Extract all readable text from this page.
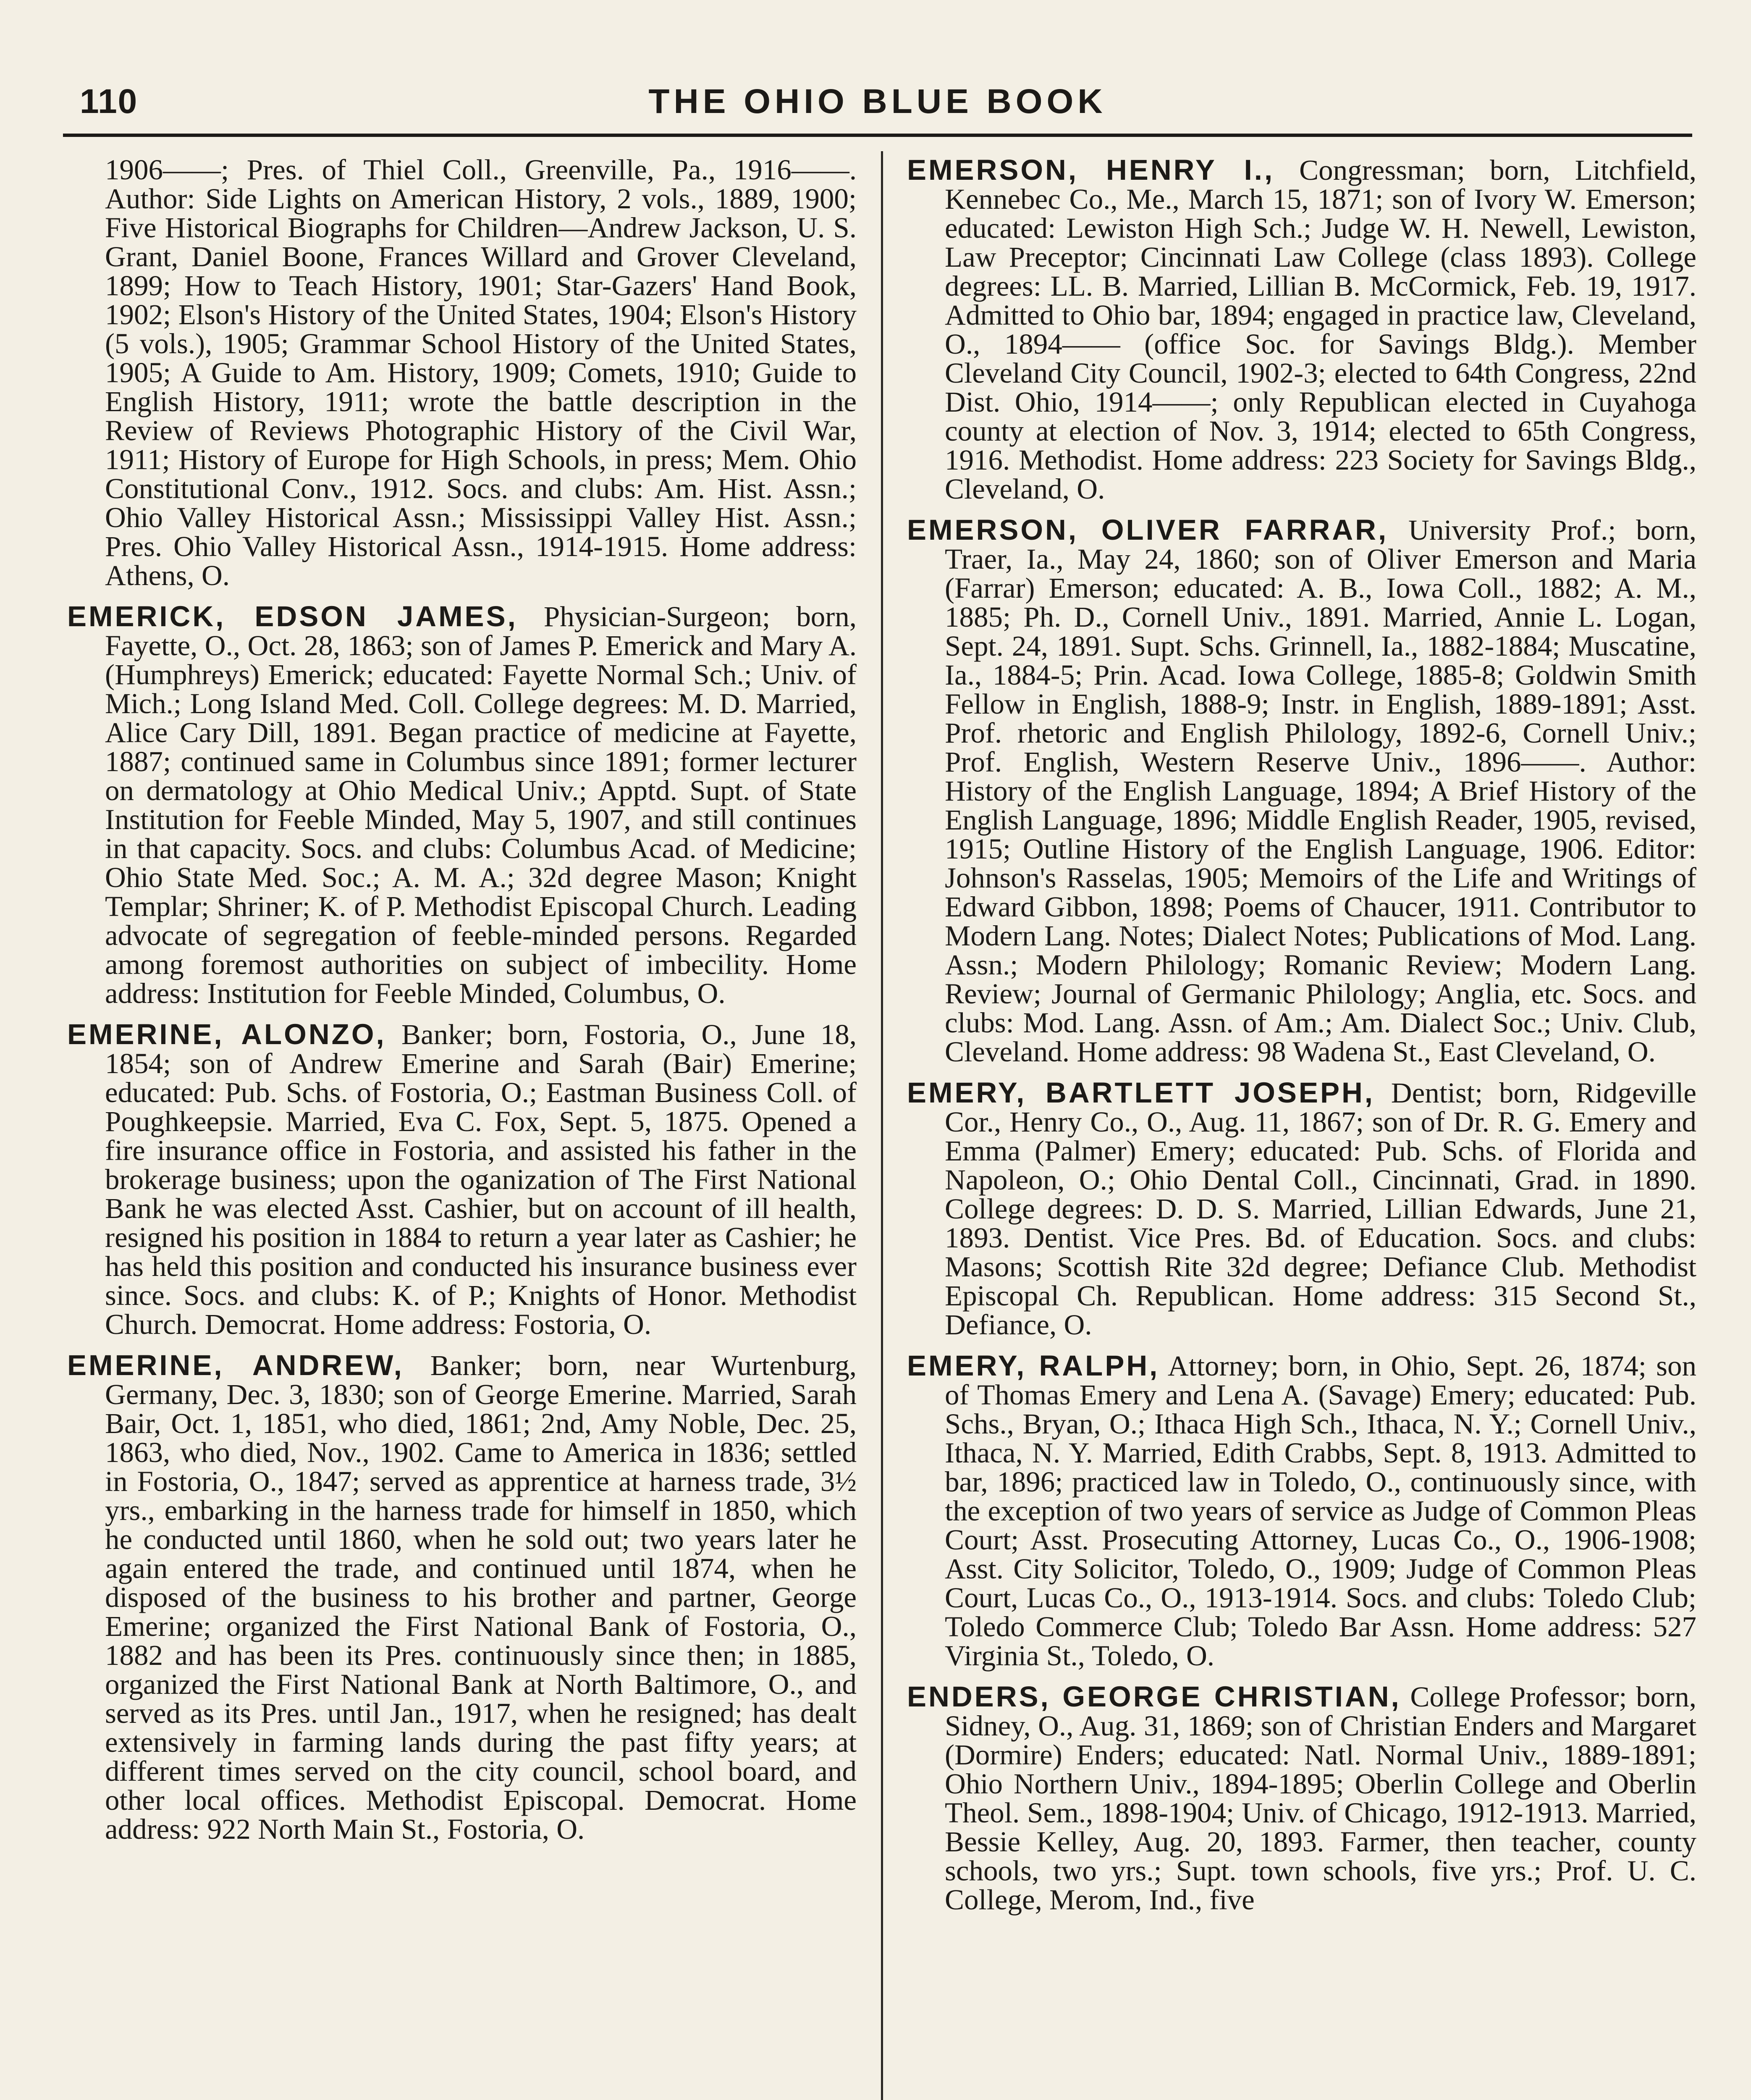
110	THE OHIO BLUE BOOK

1906——; Pres. of Thiel Coll., Greenville, Pa., 1916——. Author: Side Lights on American History, 2 vols., 1889, 1900; Five Historical Biographs for Children—Andrew Jackson, U. S. Grant, Daniel Boone, Frances Willard and Grover Cleveland, 1899; How to Teach History, 1901; Star-Gazers' Hand Book, 1902; Elson's History of the United States, 1904; Elson's History (5 vols.), 1905; Grammar School History of the United States, 1905; A Guide to Am. History, 1909; Comets, 1910; Guide to English History, 1911; wrote the battle description in the Review of Reviews Photographic History of the Civil War, 1911; History of Europe for High Schools, in press; Mem. Ohio Constitutional Conv., 1912. Socs. and clubs: Am. Hist. Assn.; Ohio Valley Historical Assn.; Mississippi Valley Hist. Assn.; Pres. Ohio Valley Historical Assn., 1914-1915. Home address: Athens, O.

EMERICK, EDSON JAMES, Physician-Surgeon; born, Fayette, O., Oct. 28, 1863; son of James P. Emerick and Mary A. (Humphreys) Emerick; educated: Fayette Normal Sch.; Univ. of Mich.; Long Island Med. Coll. College degrees: M. D. Married, Alice Cary Dill, 1891. Began practice of medicine at Fayette, 1887; continued same in Columbus since 1891; former lecturer on dermatology at Ohio Medical Univ.; Apptd. Supt. of State Institution for Feeble Minded, May 5, 1907, and still continues in that capacity. Socs. and clubs: Columbus Acad. of Medicine; Ohio State Med. Soc.; A. M. A.; 32d degree Mason; Knight Templar; Shriner; K. of P. Methodist Episcopal Church. Leading advocate of segregation of feeble-minded persons. Regarded among foremost authorities on subject of imbecility. Home address: Institution for Feeble Minded, Columbus, O.

EMERINE, ALONZO, Banker; born, Fostoria, O., June 18, 1854; son of Andrew Emerine and Sarah (Bair) Emerine; educated: Pub. Schs. of Fostoria, O.; Eastman Business Coll. of Poughkeepsie. Married, Eva C. Fox, Sept. 5, 1875. Opened a fire insurance office in Fostoria, and assisted his father in the brokerage business; upon the oganization of The First National Bank he was elected Asst. Cashier, but on account of ill health, resigned his position in 1884 to return a year later as Cashier; he has held this position and conducted his insurance business ever since. Socs. and clubs: K. of P.; Knights of Honor. Methodist Church. Democrat. Home address: Fostoria, O.

EMERINE, ANDREW, Banker; born, near Wurtenburg, Germany, Dec. 3, 1830; son of George Emerine. Married, Sarah Bair, Oct. 1, 1851, who died, 1861; 2nd, Amy Noble, Dec. 25, 1863, who died, Nov., 1902. Came to America in 1836; settled in Fostoria, O., 1847; served as apprentice at harness trade, 3½ yrs., embarking in the harness trade for himself in 1850, which he conducted until 1860, when he sold out; two years later he again entered the trade, and continued until 1874, when he disposed of the business to his brother and partner, George Emerine; organized the First National Bank of Fostoria, O., 1882 and has been its Pres. continuously since then; in 1885, organized the First National Bank at North Baltimore, O., and served as its Pres. until Jan., 1917, when he resigned; has dealt extensively in farming lands during the past fifty years; at different times served on the city council, school board, and other local offices. Methodist Episcopal. Democrat. Home address: 922 North Main St., Fostoria, O.

EMERSON, HENRY I., Congressman; born, Litchfield, Kennebec Co., Me., March 15, 1871; son of Ivory W. Emerson; educated: Lewiston High Sch.; Judge W. H. Newell, Lewiston, Law Preceptor; Cincinnati Law College (class 1893). College degrees: LL. B. Married, Lillian B. McCormick, Feb. 19, 1917. Admitted to Ohio bar, 1894; engaged in practice law, Cleveland, O., 1894—— (office Soc. for Savings Bldg.). Member Cleveland City Council, 1902-3; elected to 64th Congress, 22nd Dist. Ohio, 1914——; only Republican elected in Cuyahoga county at election of Nov. 3, 1914; elected to 65th Congress, 1916. Methodist. Home address: 223 Society for Savings Bldg., Cleveland, O.

EMERSON, OLIVER FARRAR, University Prof.; born, Traer, Ia., May 24, 1860; son of Oliver Emerson and Maria (Farrar) Emerson; educated: A. B., Iowa Coll., 1882; A. M., 1885; Ph. D., Cornell Univ., 1891. Married, Annie L. Logan, Sept. 24, 1891. Supt. Schs. Grinnell, Ia., 1882-1884; Muscatine, Ia., 1884-5; Prin. Acad. Iowa College, 1885-8; Goldwin Smith Fellow in English, 1888-9; Instr. in English, 1889-1891; Asst. Prof. rhetoric and English Philology, 1892-6, Cornell Univ.; Prof. English, Western Reserve Univ., 1896——. Author: History of the English Language, 1894; A Brief History of the English Language, 1896; Middle English Reader, 1905, revised, 1915; Outline History of the English Language, 1906. Editor: Johnson's Rasselas, 1905; Memoirs of the Life and Writings of Edward Gibbon, 1898; Poems of Chaucer, 1911. Contributor to Modern Lang. Notes; Dialect Notes; Publications of Mod. Lang. Assn.; Modern Philology; Romanic Review; Modern Lang. Review; Journal of Germanic Philology; Anglia, etc. Socs. and clubs: Mod. Lang. Assn. of Am.; Am. Dialect Soc.; Univ. Club, Cleveland. Home address: 98 Wadena St., East Cleveland, O.

EMERY, BARTLETT JOSEPH, Dentist; born, Ridgeville Cor., Henry Co., O., Aug. 11, 1867; son of Dr. R. G. Emery and Emma (Palmer) Emery; educated: Pub. Schs. of Florida and Napoleon, O.; Ohio Dental Coll., Cincinnati, Grad. in 1890. College degrees: D. D. S. Married, Lillian Edwards, June 21, 1893. Dentist. Vice Pres. Bd. of Education. Socs. and clubs: Masons; Scottish Rite 32d degree; Defiance Club. Methodist Episcopal Ch. Republican. Home address: 315 Second St., Defiance, O.

EMERY, RALPH, Attorney; born, in Ohio, Sept. 26, 1874; son of Thomas Emery and Lena A. (Savage) Emery; educated: Pub. Schs., Bryan, O.; Ithaca High Sch., Ithaca, N. Y.; Cornell Univ., Ithaca, N. Y. Married, Edith Crabbs, Sept. 8, 1913. Admitted to bar, 1896; practiced law in Toledo, O., continuously since, with the exception of two years of service as Judge of Common Pleas Court; Asst. Prosecuting Attorney, Lucas Co., O., 1906-1908; Asst. City Solicitor, Toledo, O., 1909; Judge of Common Pleas Court, Lucas Co., O., 1913-1914. Socs. and clubs: Toledo Club; Toledo Commerce Club; Toledo Bar Assn. Home address: 527 Virginia St., Toledo, O.

ENDERS, GEORGE CHRISTIAN, College Professor; born, Sidney, O., Aug. 31, 1869; son of Christian Enders and Margaret (Dormire) Enders; educated: Natl. Normal Univ., 1889-1891; Ohio Northern Univ., 1894-1895; Oberlin College and Oberlin Theol. Sem., 1898-1904; Univ. of Chicago, 1912-1913. Married, Bessie Kelley, Aug. 20, 1893. Farmer, then teacher, county schools, two yrs.; Supt. town schools, five yrs.; Prof. U. C. College, Merom, Ind., five
